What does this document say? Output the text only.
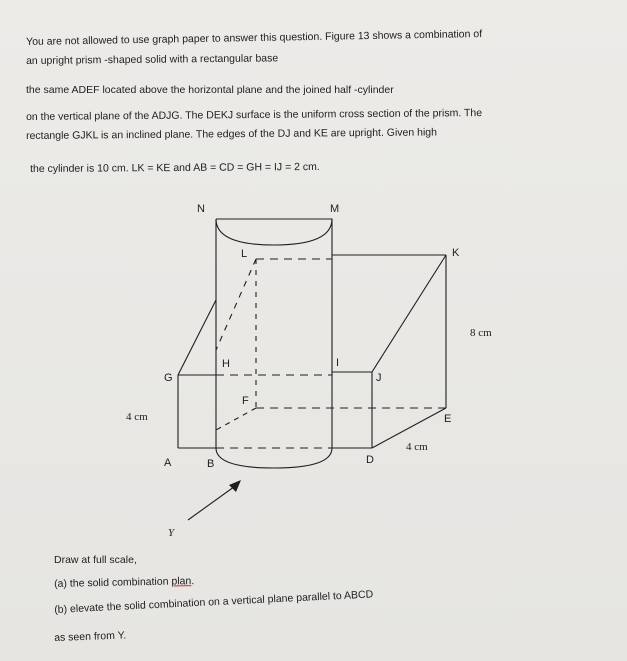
You are not allowed to use graph paper to answer this question. Figure 13 shows a combination of
an upright prism -shaped solid with a rectangular base
the same ADEF located above the horizontal plane and the joined half -cylinder
on the vertical plane of the ADJG. The DEKJ surface is the uniform cross section of the prism. The
rectangle GJKL is an inclined plane. The edges of the DJ and KE are upright. Given high
the cylinder is 10 cm. LK = KE and AB = CD = GH = IJ = 2 cm.
N	M
K
L
G
H	I
J
F
E
A	B	D
Y
8 cm
4 cm
4 cm
Draw at full scale,
(a) the solid combination plan.
(b) elevate the solid combination on a vertical plane parallel to ABCD
as seen from Y.
